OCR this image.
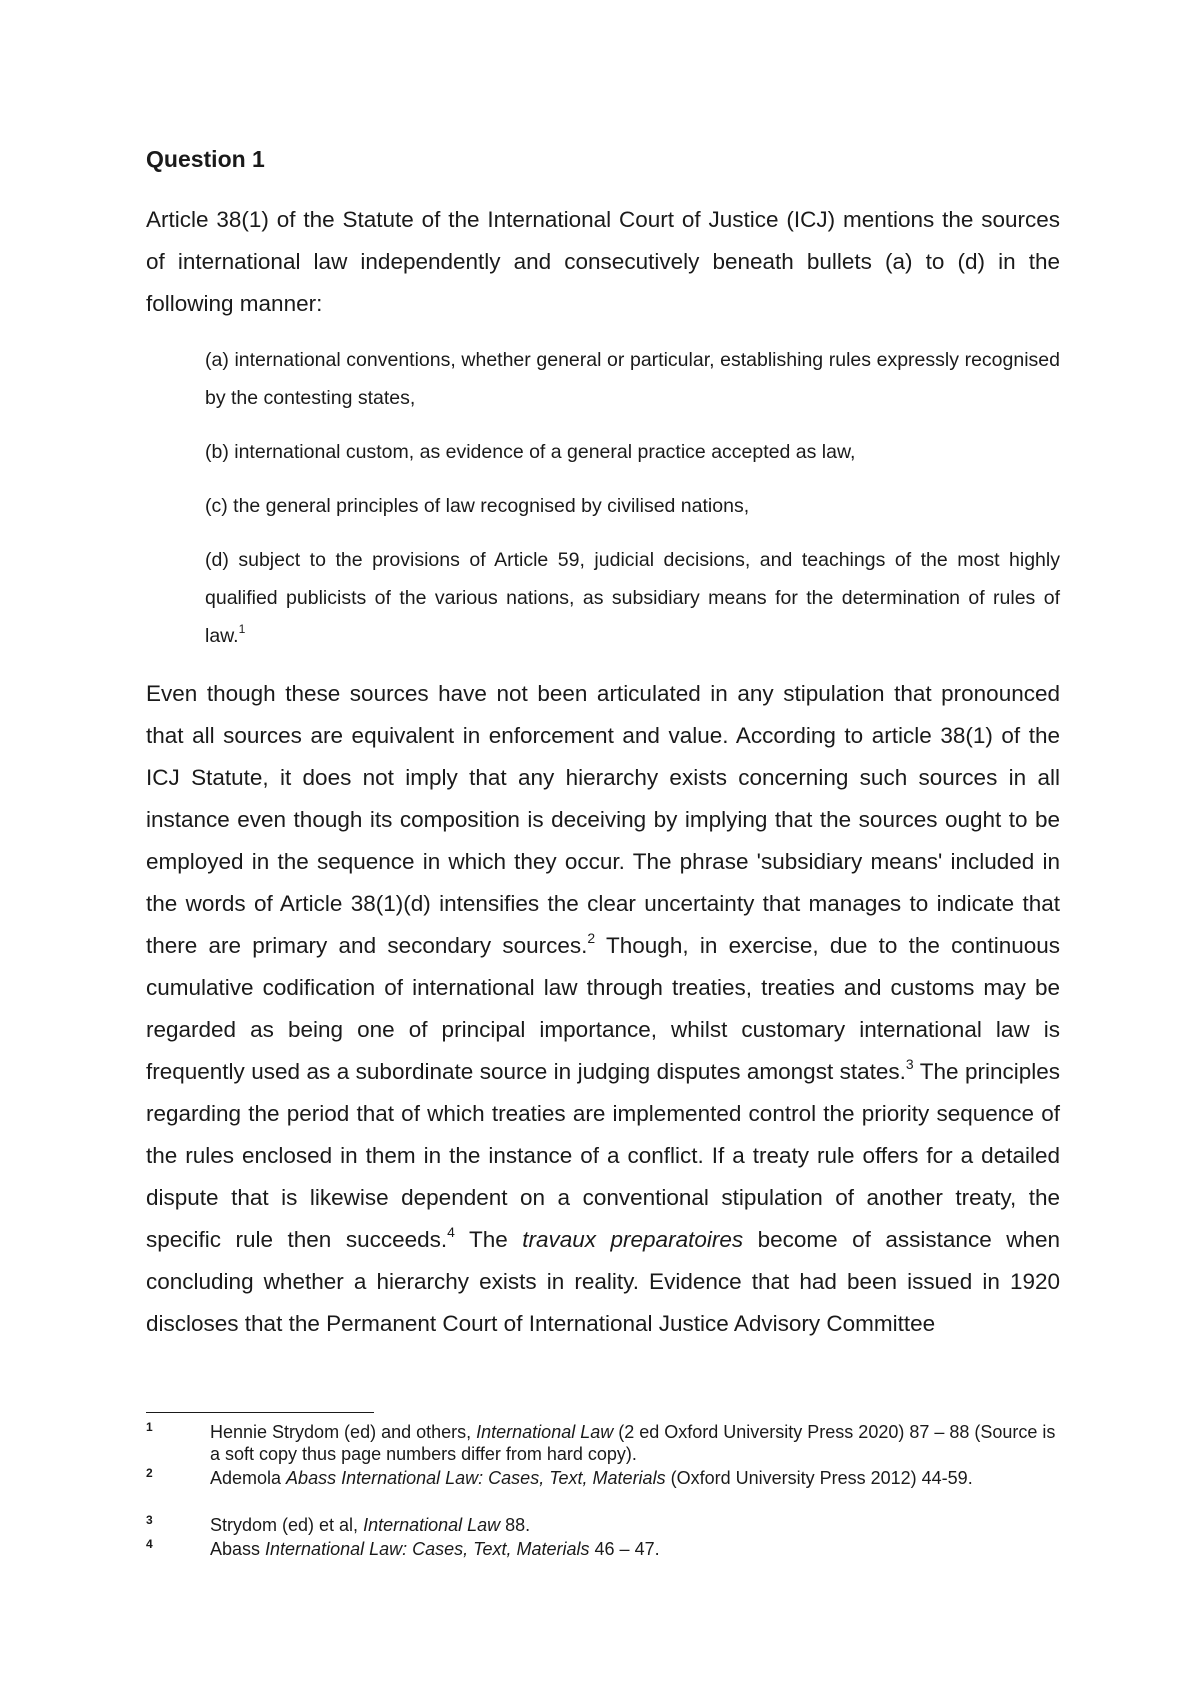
Question 1

Article 38(1) of the Statute of the International Court of Justice (ICJ) mentions the sources of international law independently and consecutively beneath bullets (a) to (d) in the following manner:

(a) international conventions, whether general or particular, establishing rules expressly recognised by the contesting states,

(b) international custom, as evidence of a general practice accepted as law,

(c) the general principles of law recognised by civilised nations,

(d) subject to the provisions of Article 59, judicial decisions, and teachings of the most highly qualified publicists of the various nations, as subsidiary means for the determination of rules of law.$^1$

Even though these sources have not been articulated in any stipulation that pronounced that all sources are equivalent in enforcement and value. According to article 38(1) of the ICJ Statute, it does not imply that any hierarchy exists concerning such sources in all instance even though its composition is deceiving by implying that the sources ought to be employed in the sequence in which they occur. The phrase 'subsidiary means' included in the words of Article 38(1)(d) intensifies the clear uncertainty that manages to indicate that there are primary and secondary sources.$^2$ Though, in exercise, due to the continuous cumulative codification of international law through treaties, treaties and customs may be regarded as being one of principal importance, whilst customary international law is frequently used as a subordinate source in judging disputes amongst states.$^3$ The principles regarding the period that of which treaties are implemented control the priority sequence of the rules enclosed in them in the instance of a conflict. If a treaty rule offers for a detailed dispute that is likewise dependent on a conventional stipulation of another treaty, the specific rule then succeeds.$^4$ The travaux preparatoires become of assistance when concluding whether a hierarchy exists in reality. Evidence that had been issued in 1920 discloses that the Permanent Court of International Justice Advisory Committee

1	Hennie Strydom (ed) and others, International Law (2 ed Oxford University Press 2020) 87 – 88 (Source is a soft copy thus page numbers differ from hard copy).
2	Ademola Abass International Law: Cases, Text, Materials (Oxford University Press 2012) 44-59.
3	Strydom (ed) et al, International Law 88.
4	Abass International Law: Cases, Text, Materials 46 – 47.
